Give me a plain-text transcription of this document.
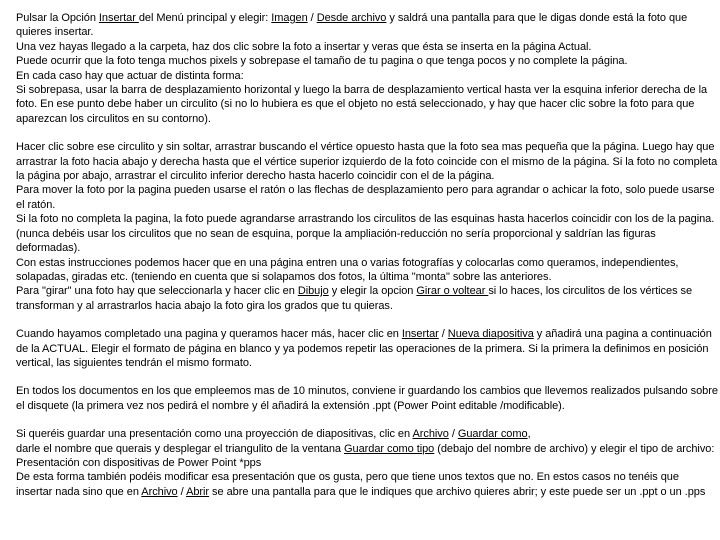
Pulsar la Opción Insertar del Menú principal y elegir: Imagen / Desde archivo y saldrá una pantalla para que le digas donde está la foto que quieres insertar.

Una vez hayas llegado a la carpeta, haz dos clic sobre la foto a insertar y veras que ésta se inserta en la página Actual.

Puede ocurrir que la foto tenga muchos pixels y sobrepase el tamaño de tu pagina o que tenga pocos y no complete la página.

En cada caso hay que actuar de distinta forma:

Si sobrepasa, usar la barra de desplazamiento horizontal y luego la barra de desplazamiento vertical hasta ver la esquina inferior derecha de la foto. En ese punto debe haber un circulito (si no lo hubiera es que el objeto no está seleccionado, y hay que hacer clic sobre la foto para que aparezcan los circulitos en su contorno).

Hacer clic sobre ese circulito y sin soltar, arrastrar buscando el vértice opuesto hasta que la foto sea mas pequeña que la página. Luego hay que arrastrar la foto hacia abajo y derecha hasta que el vértice superior izquierdo de la foto coincide con el mismo de la página. Si la foto no completa la página por abajo, arrastrar el circulito inferior derecho hasta hacerlo coincidir con el de la página.

Para mover la foto por la pagina pueden usarse el ratón o las flechas de desplazamiento pero para agrandar o achicar la foto, solo puede usarse el ratón.

Si la foto no completa la pagina, la foto puede agrandarse arrastrando los circulitos de las esquinas hasta hacerlos coincidir con los de la pagina. (nunca debéis usar los circulitos que no sean de esquina, porque la ampliación-reducción no sería proporcional y saldrían las figuras deformadas).

Con estas instrucciones podemos hacer que en una página entren una o varias fotografías y colocarlas como queramos, independientes, solapadas, giradas etc. (teniendo en cuenta que si solapamos dos fotos, la última "monta" sobre las anteriores.

Para "girar" una foto hay que seleccionarla y hacer clic en Dibujo y elegir la opcion Girar o voltear si lo haces, los circulitos de los vértices se transforman y al arrastrarlos hacia abajo la foto gira los grados que tu quieras.

Cuando hayamos completado una pagina y queramos hacer más, hacer clic en Insertar / Nueva diapositiva y añadirá una pagina a continuación de la ACTUAL. Elegir el formato de página en blanco y ya podemos repetir las operaciones de la primera. Si la primera la definimos en posición vertical, las siguientes tendrán el mismo formato.

En todos los documentos en los que empleemos mas de 10 minutos, conviene ir guardando los cambios que llevemos realizados pulsando sobre el disquete (la primera vez nos pedirá el nombre y él añadirá la extensión .ppt (Power Point editable /modificable).

Si queréis guardar una presentación como una proyección de diapositivas, clic en Archivo / Guardar como,

darle el nombre que querais y desplegar el triangulito de la ventana Guardar como tipo (debajo del nombre de archivo) y elegir el tipo de archivo: Presentación con dispositivas de Power Point *pps

De esta forma también podéis modificar esa presentación que os gusta, pero que tiene unos textos que no. En estos casos no tenéis que insertar nada sino que en Archivo / Abrir se abre una pantalla para que le indiques que archivo quieres abrir; y este puede ser un .ppt o un .pps
